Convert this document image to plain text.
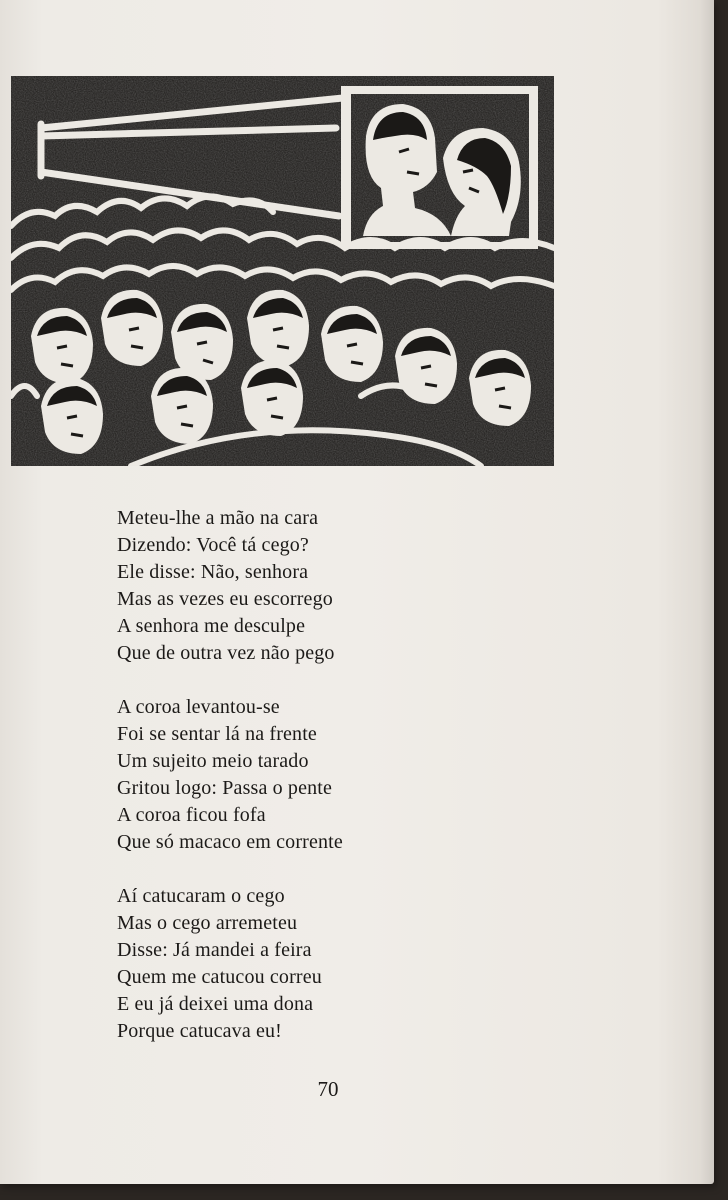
Meteu-lhe a mão na cara
Dizendo: Você tá cego?
Ele disse: Não, senhora
Mas as vezes eu escorrego
A senhora me desculpe
Que de outra vez não pego
A coroa levantou-se
Foi se sentar lá na frente
Um sujeito meio tarado
Gritou logo: Passa o pente
A coroa ficou fofa
Que só macaco em corrente
Aí catucaram o cego
Mas o cego arremeteu
Disse: Já mandei a feira
Quem me catucou correu
E eu já deixei uma dona
Porque catucava eu!
70
